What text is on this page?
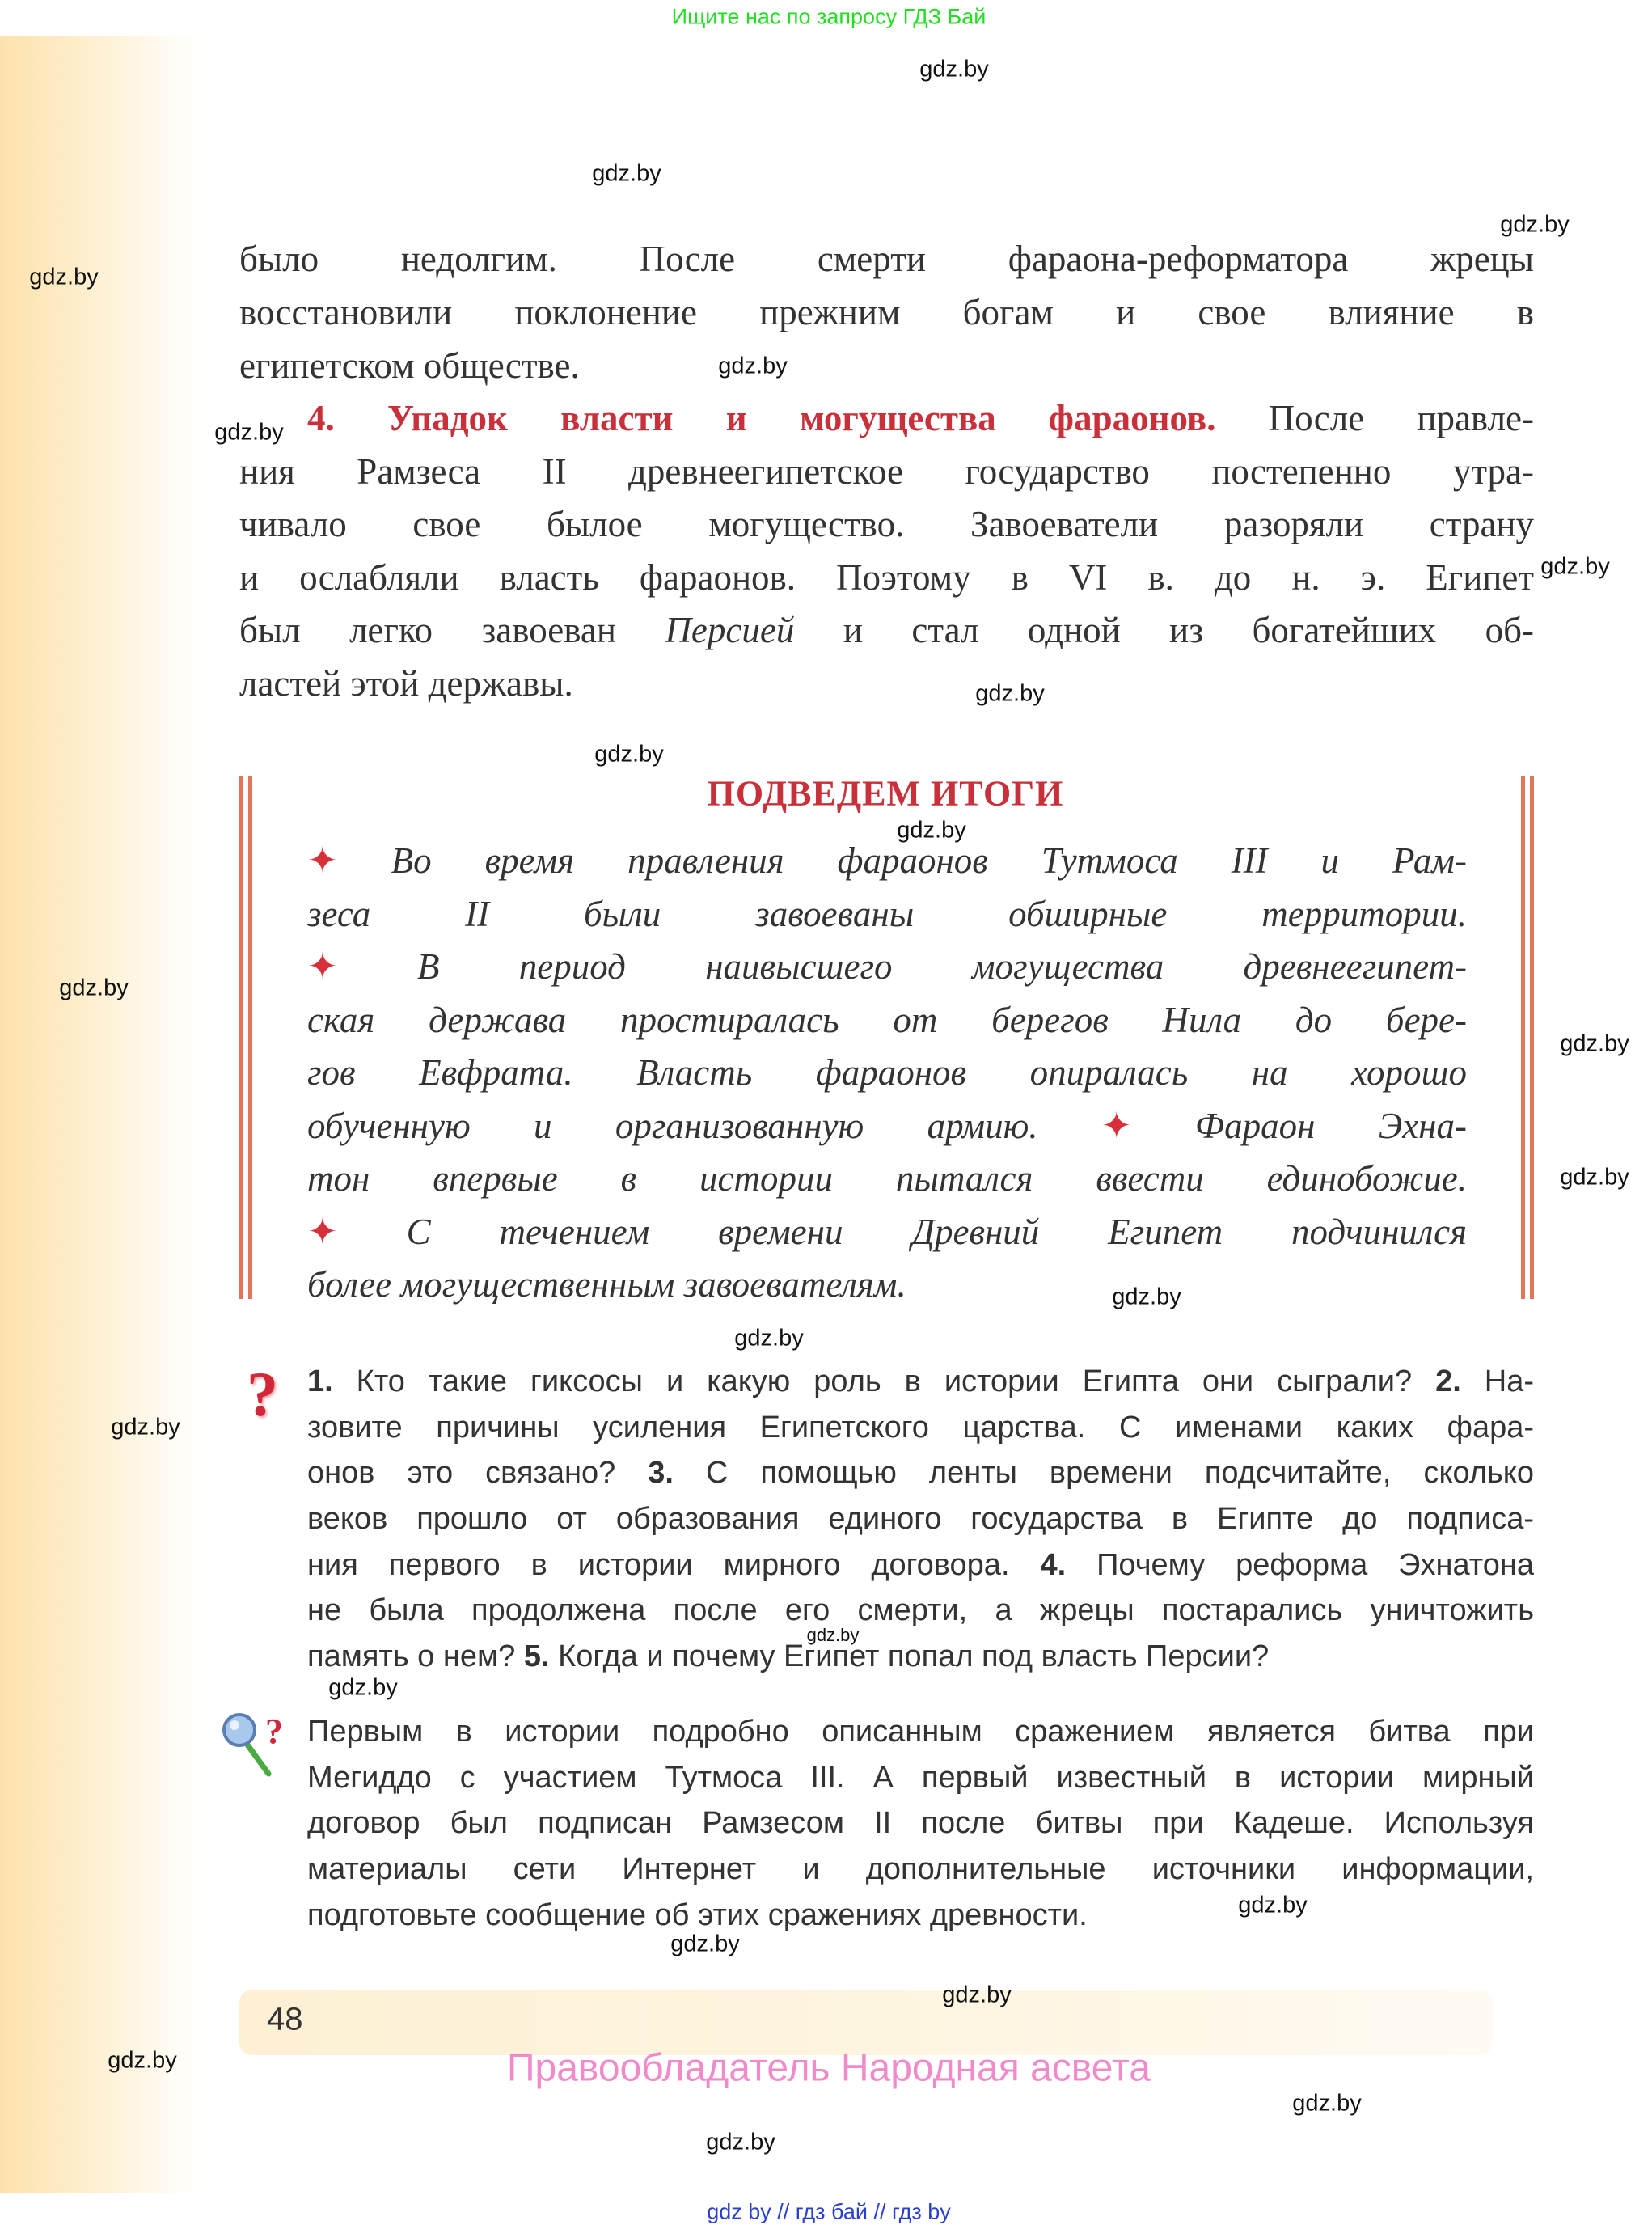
Ищите нас по запросу ГДЗ Бай
было недолгим. После смерти фараона-реформатора жрецы
восстановили поклонение прежним богам и свое влияние в
египетском обществе.
4. Упадок власти и могущества фараонов. После правле-
ния Рамзеса II древнеегипетское государство постепенно утра-
чивало свое былое могущество. Завоеватели разоряли страну
и ослабляли власть фараонов. Поэтому в VI в. до н. э. Египет
был легко завоеван Персией и стал одной из богатейших об-
ластей этой державы.
ПОДВЕДЕМ ИТОГИ
✦ Во время правления фараонов Тутмоса III и Рам-
зеса II были завоеваны обширные территории.
✦ В период наивысшего могущества древнеегипет-
ская держава простиралась от берегов Нила до бере-
гов Евфрата. Власть фараонов опиралась на хорошо
обученную и организованную армию. ✦ Фараон Эхна-
тон впервые в истории пытался ввести единобожие.
✦ С течением времени Древний Египет подчинился
более могущественным завоевателям.
? 1. Кто такие гиксосы и какую роль в истории Египта они сыграли? 2. На-
зовите причины усиления Египетского царства. С именами каких фара-
онов это связано? 3. С помощью ленты времени подсчитайте, сколько
веков прошло от образования единого государства в Египте до подписа-
ния первого в истории мирного договора. 4. Почему реформа Эхнатона
не была продолжена после его смерти, а жрецы постарались уничтожить
память о нем? 5. Когда и почему Египет попал под власть Персии?
? Первым в истории подробно описанным сражением является битва при
Мегиддо с участием Тутмоса III. А первый известный в истории мирный
договор был подписан Рамзесом II после битвы при Кадеше. Используя
материалы сети Интернет и дополнительные источники информации,
подготовьте сообщение об этих сражениях древности.
48
Правообладатель Народная асвета
gdz.by
gdz.by
gdz.by
gdz.by
gdz.by
gdz.by
gdz.by
gdz.by
gdz.by
gdz.by
gdz.by
gdz.by
gdz.by
gdz.by
gdz.by
gdz.by
gdz.by
gdz.by
gdz.by
gdz.by
gdz.by
gdz.by
gdz.by
gdz.by
gdz by // гдз бай // гдз by
